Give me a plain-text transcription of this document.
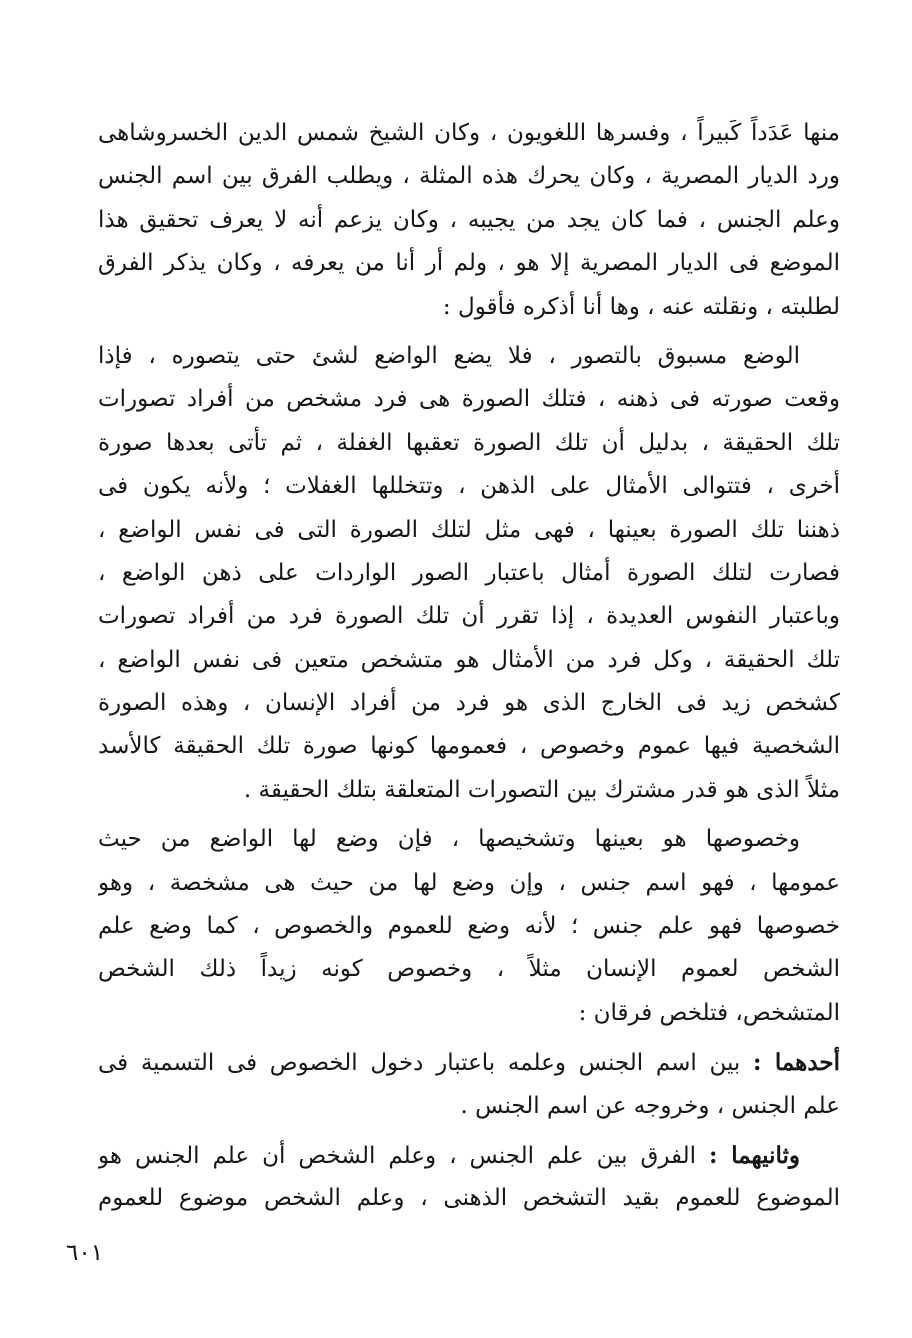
منها عَدَداً كَبيراً ، وفسرها اللغويون ، وكان الشيخ شمس الدين الخسروشاهى
ورد الديار المصرية ، وكان يحرك هذه المثلة ، ويطلب الفرق بين اسم الجنس
وعلم الجنس ، فما كان يجد من يجيبه ، وكان يزعم أنه لا يعرف تحقيق هذا
الموضع فى الديار المصرية إلا هو ، ولم أر أنا من يعرفه ، وكان يذكر الفرق
لطلبته ، ونقلته عنه ، وها أنا أذكره فأقول :
الوضع مسبوق بالتصور ، فلا يضع الواضع لشئ حتى يتصوره ، فإذا
وقعت صورته فى ذهنه ، فتلك الصورة هى فرد مشخص من أفراد تصورات
تلك الحقيقة ، بدليل أن تلك الصورة تعقبها الغفلة ، ثم تأتى بعدها صورة
أخرى ، فتتوالى الأمثال على الذهن ، وتتخللها الغفلات ؛ ولأنه يكون فى
ذهننا تلك الصورة بعينها ، فهى مثل لتلك الصورة التى فى نفس الواضع ،
فصارت لتلك الصورة أمثال باعتبار الصور الواردات على ذهن الواضع ،
وباعتبار النفوس العديدة ، إذا تقرر أن تلك الصورة فرد من أفراد تصورات
تلك الحقيقة ، وكل فرد من الأمثال هو متشخص متعين فى نفس الواضع ،
كشخص زيد فى الخارج الذى هو فرد من أفراد الإنسان ، وهذه الصورة
الشخصية فيها عموم وخصوص ، فعمومها كونها صورة تلك الحقيقة كالأسد
مثلاً الذى هو قدر مشترك بين التصورات المتعلقة بتلك الحقيقة .
وخصوصها هو بعينها وتشخيصها ، فإن وضع لها الواضع من حيث
عمومها ، فهو اسم جنس ، وإن وضع لها من حيث هى مشخصة ، وهو
خصوصها فهو علم جنس ؛ لأنه وضع للعموم والخصوص ، كما وضع علم
الشخص لعموم الإنسان مثلاً ، وخصوص كونه زيداً ذلك الشخص
المتشخص، فتلخص فرقان :
أحدهما : بين اسم الجنس وعلمه باعتبار دخول الخصوص فى التسمية فى
علم الجنس ، وخروجه عن اسم الجنس .
وثانيهما : الفرق بين علم الجنس ، وعلم الشخص أن علم الجنس هو
الموضوع للعموم بقيد التشخص الذهنى ، وعلم الشخص موضوع للعموم
٦٠١
